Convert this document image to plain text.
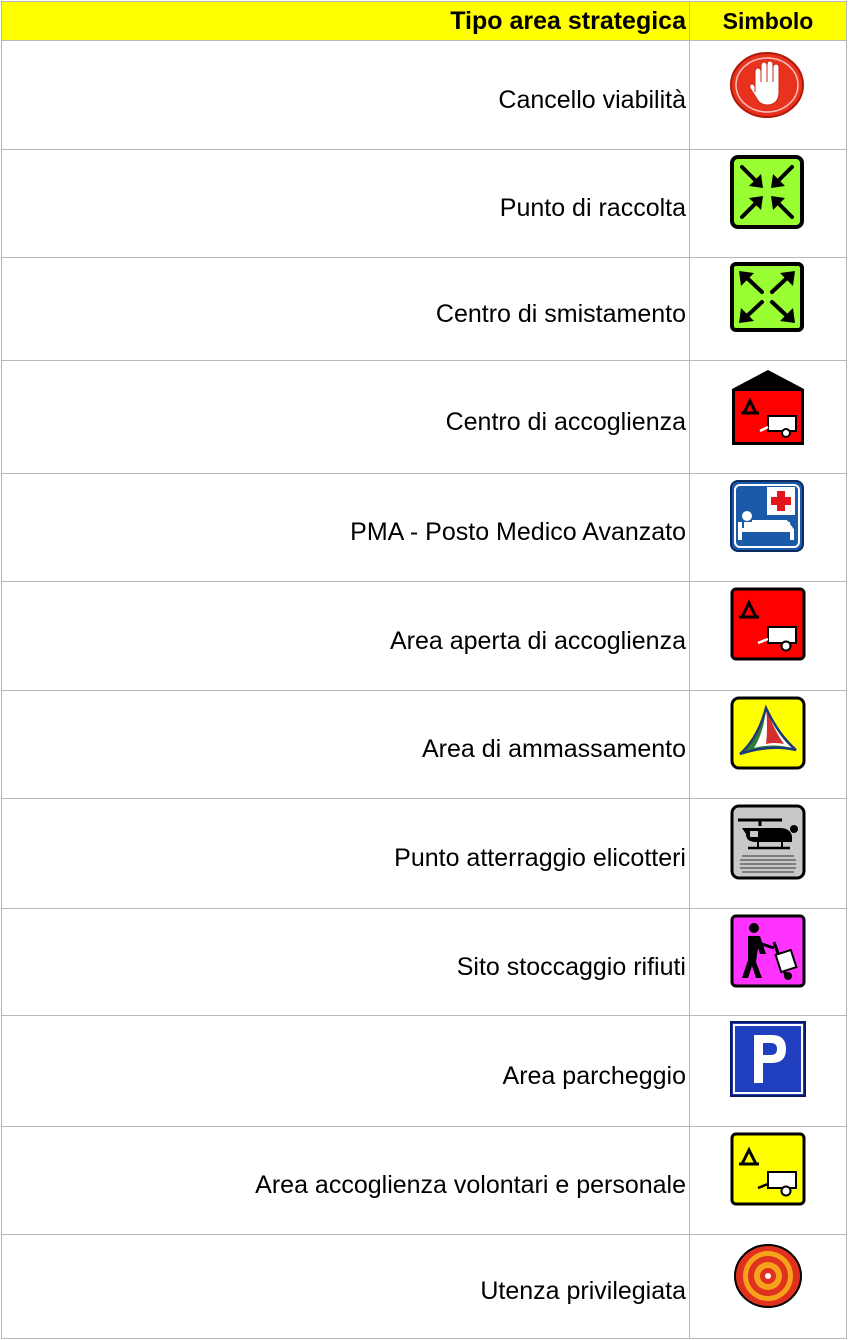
Tipo area strategica	Simbolo
Cancello viabilità
Punto di raccolta
Centro di smistamento
Centro di accoglienza
PMA - Posto Medico Avanzato
Area aperta di accoglienza
Area di ammassamento
Punto atterraggio elicotteri
Sito stoccaggio rifiuti
Area parcheggio
Area accoglienza volontari e personale
Utenza privilegiata
